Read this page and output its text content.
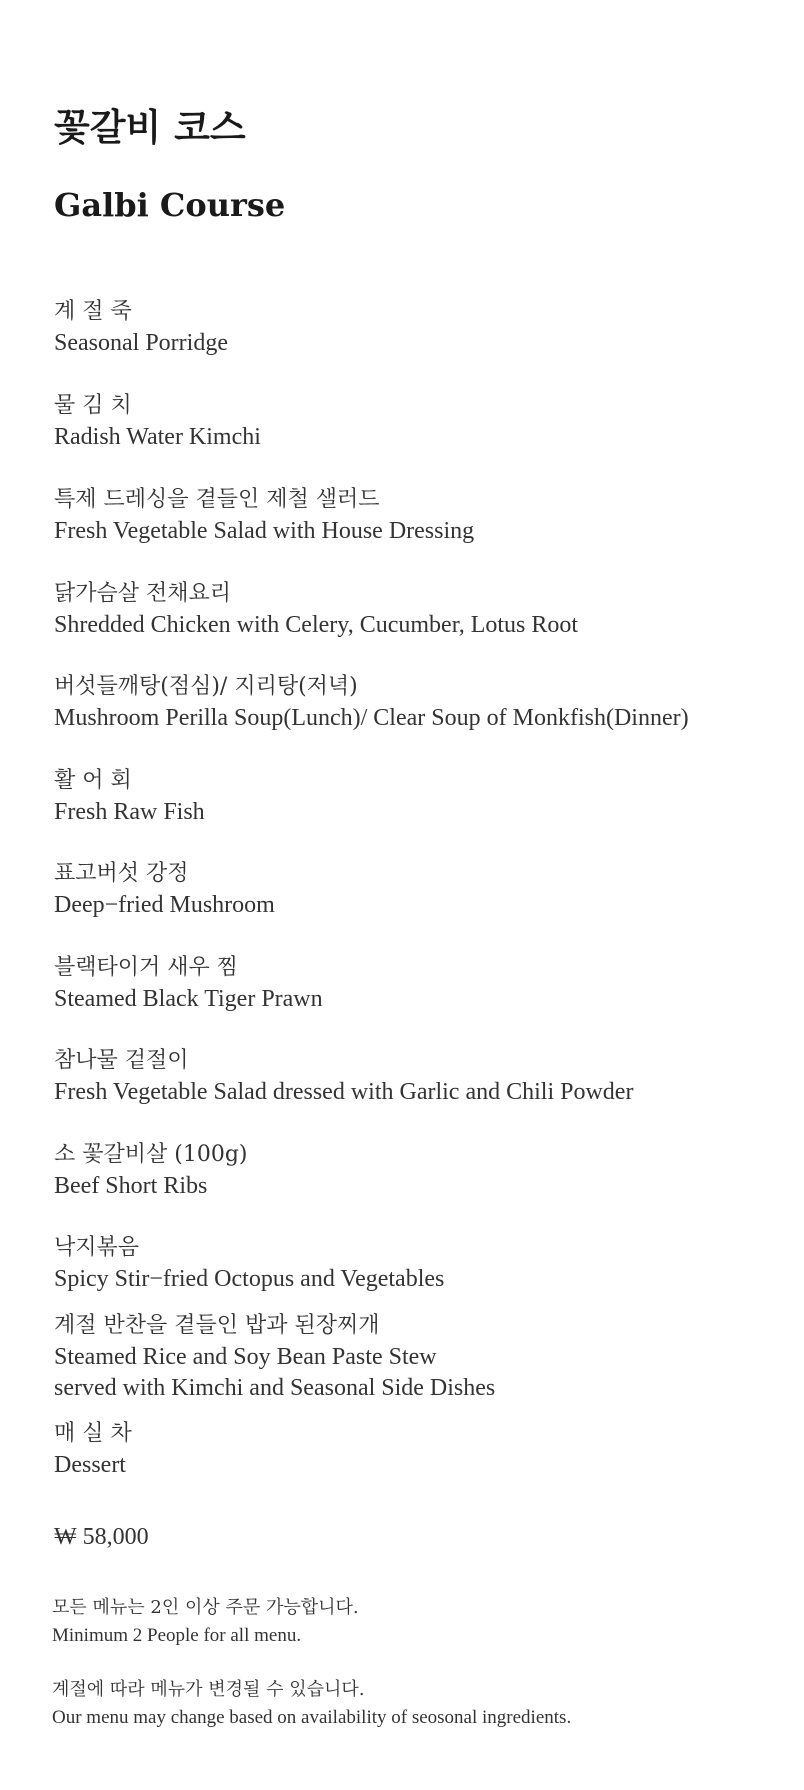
꽃갈비 코스
Galbi Course
계 절 죽
Seasonal Porridge
물 김 치
Radish Water Kimchi
특제 드레싱을 곁들인 제철 샐러드
Fresh Vegetable Salad with House Dressing
닭가슴살 전채요리
Shredded Chicken with Celery, Cucumber, Lotus Root
버섯들깨탕(점심)/ 지리탕(저녁)
Mushroom Perilla Soup(Lunch)/ Clear Soup of Monkfish(Dinner)
활 어 회
Fresh Raw Fish
표고버섯 강정
Deep−fried Mushroom
블랙타이거 새우 찜
Steamed Black Tiger Prawn
참나물 겉절이
Fresh Vegetable Salad dressed with Garlic and Chili Powder
소 꽃갈비살 (100g)
Beef Short Ribs
낙지볶음
Spicy Stir−fried Octopus and Vegetables
계절 반찬을 곁들인 밥과 된장찌개
Steamed Rice and Soy Bean Paste Stew
served with Kimchi and Seasonal Side Dishes
매 실 차
Dessert
₩ 58,000
모든 메뉴는 2인 이상 주문 가능합니다.
Minimum 2 People for all menu.
계절에 따라 메뉴가 변경될 수 있습니다.
Our menu may change based on availability of seosonal ingredients.
